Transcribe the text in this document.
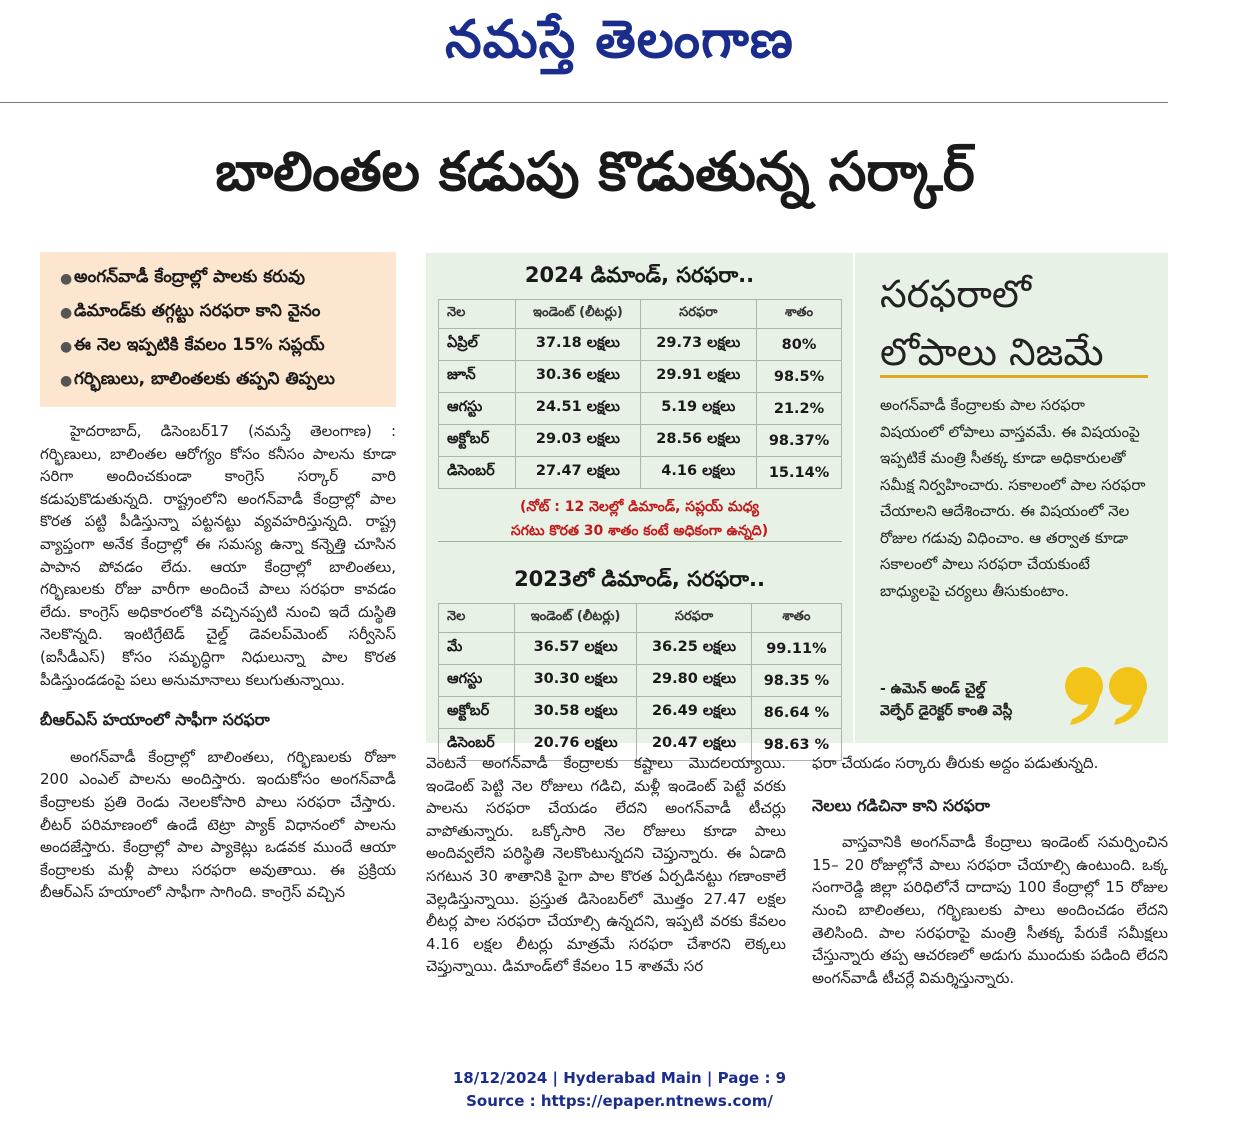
నమస్తే తెలంగాణ
బాలింతల కడుపు కొడుతున్న సర్కార్
● అంగన్‌వాడీ కేంద్రాల్లో పాలకు కరువు
● డిమాండ్‌కు తగ్గట్టు సరఫరా కాని వైనం
● ఈ నెల ఇప్పటికి కేవలం 15% సప్లయ్
● గర్భిణులు, బాలింతలకు తప్పని తిప్పలు

హైదరాబాద్, డిసెంబర్17 (నమస్తే తెలంగాణ) : గర్భిణులు, బాలింతల ఆరోగ్యం కోసం కనీసం పాలను కూడా సరిగా అందించకుండా కాంగ్రెస్ సర్కార్ వారి కడుపుకొడుతున్నది. రాష్ట్రంలోని అంగన్‌వాడీ కేంద్రాల్లో పాల కొరత పట్టి పీడిస్తున్నా పట్టనట్టు వ్యవహరిస్తున్నది. రాష్ట్ర వ్యాప్తంగా అనేక కేంద్రాల్లో ఈ సమస్య ఉన్నా కన్నెత్తి చూసిన పాపాన పోవడం లేదు. ఆయా కేంద్రాల్లో బాలింతలు, గర్భిణులకు రోజు వారీగా అందించే పాలు సరఫరా కావడం లేదు. కాంగ్రెస్ అధికారంలోకి వచ్చినప్పటి నుంచి ఇదే దుస్థితి నెలకొన్నది. ఇంటిగ్రేటెడ్ చైల్డ్ డెవలప్‌మెంట్ సర్వీసెస్ (ఐసీడీఎస్) కోసం సమృద్ధిగా నిధులున్నా పాల కొరత పీడిస్తుండడంపై పలు అనుమానాలు కలుగుతున్నాయి.

బీఆర్‌ఎస్ హయాంలో సాఫీగా సరఫరా

అంగన్‌వాడీ కేంద్రాల్లో బాలింతలు, గర్భిణులకు రోజూ 200 ఎంఎల్ పాలను అందిస్తారు. ఇందుకోసం అంగన్‌వాడీ కేంద్రాలకు ప్రతి రెండు నెలలకోసారి పాలు సరఫరా చేస్తారు. లీటర్ పరిమాణంలో ఉండే టెట్రా ప్యాక్ విధానంలో పాలను అందజేస్తారు. కేంద్రాల్లో పాల ప్యాకెట్లు ఒడవక ముందే ఆయా కేంద్రాలకు మళ్లీ పాలు సరఫరా అవుతాయి. ఈ ప్రక్రియ బీఆర్‌ఎస్ హయాంలో సాఫీగా సాగింది. కాంగ్రెస్ వచ్చిన

2024 డిమాండ్, సరఫరా..
నెల	ఇండెంట్ (లీటర్లు)	సరఫరా	శాతం
ఏప్రిల్	37.18 లక్షలు	29.73 లక్షలు	80%
జూన్	30.36 లక్షలు	29.91 లక్షలు	98.5%
ఆగస్టు	24.51 లక్షలు	5.19 లక్షలు	21.2%
అక్టోబర్	29.03 లక్షలు	28.56 లక్షలు	98.37%
డిసెంబర్	27.47 లక్షలు	4.16 లక్షలు	15.14%
(నోట్ : 12 నెలల్లో డిమాండ్, సప్లయ్ మధ్య
సగటు కొరత 30 శాతం కంటే అధికంగా ఉన్నది)
2023లో డిమాండ్, సరఫరా..
నెల	ఇండెంట్ (లీటర్లు)	సరఫరా	శాతం
మే	36.57 లక్షలు	36.25 లక్షలు	99.11%
ఆగస్టు	30.30 లక్షలు	29.80 లక్షలు	98.35 %
అక్టోబర్	30.58 లక్షలు	26.49 లక్షలు	86.64 %
డిసెంబర్	20.76 లక్షలు	20.47 లక్షలు	98.63 %
సరఫరాలో
లోపాలు నిజమే
అంగన్‌వాడీ కేంద్రాలకు పాల సరఫరా విషయంలో లోపాలు వాస్తవమే. ఈ విషయంపై ఇప్పటికే మంత్రి సీతక్క కూడా అధికారులతో సమీక్ష నిర్వహించారు. సకాలంలో పాల సరఫరా చేయాలని ఆదేశించారు. ఈ విషయంలో నెల రోజుల గడువు విధించాం. ఆ తర్వాత కూడా సకాలంలో పాలు సరఫరా చేయకుంటే బాధ్యులపై చర్యలు తీసుకుంటాం.
- ఉమెన్ అండ్ చైల్డ్
వెల్ఫేర్ డైరెక్టర్ కాంతి వెస్లీ
వెంటనే అంగన్‌వాడీ కేంద్రాలకు కష్టాలు మొదలయ్యాయి. ఇండెంట్ పెట్టి నెల రోజులు గడిచి, మళ్లీ ఇండెంట్ పెట్టే వరకు పాలను సరఫరా చేయడం లేదని అంగన్‌వాడీ టీచర్లు వాపోతున్నారు. ఒక్కోసారి నెల రోజులు కూడా పాలు అందివ్వలేని పరిస్థితి నెలకొంటున్నదని చెప్తున్నారు. ఈ ఏడాది సగటున 30 శాతానికి పైగా పాల కొరత ఏర్పడినట్టు గణాంకాలే వెల్లడిస్తున్నాయి. ప్రస్తుత డిసెంబర్‌లో మొత్తం 27.47 లక్షల లీటర్ల పాల సరఫరా చేయాల్సి ఉన్నదని, ఇప్పటి వరకు కేవలం 4.16 లక్షల లీటర్లు మాత్రమే సరఫరా చేశారని లెక్కలు చెప్తున్నాయి. డిమాండ్‌లో కేవలం 15 శాతమే సర
ఫరా చేయడం సర్కారు తీరుకు అద్దం పడుతున్నది.
నెలలు గడిచినా కాని సరఫరా

వాస్తవానికి అంగన్‌వాడీ కేంద్రాలు ఇండెంట్ సమర్పించిన 15– 20 రోజుల్లోనే పాలు సరఫరా చేయాల్సి ఉంటుంది. ఒక్క సంగారెడ్డి జిల్లా పరిధిలోనే దాదాపు 100 కేంద్రాల్లో 15 రోజుల నుంచి బాలింతలు, గర్భిణులకు పాలు అందించడం లేదని తెలిసింది. పాల సరఫరాపై మంత్రి సీతక్క పేరుకే సమీక్షలు చేస్తున్నారు తప్ప ఆచరణలో అడుగు ముందుకు పడింది లేదని అంగన్‌వాడీ టీచర్లే విమర్శిస్తున్నారు.

18/12/2024 | Hyderabad Main | Page : 9
Source : https://epaper.ntnews.com/
